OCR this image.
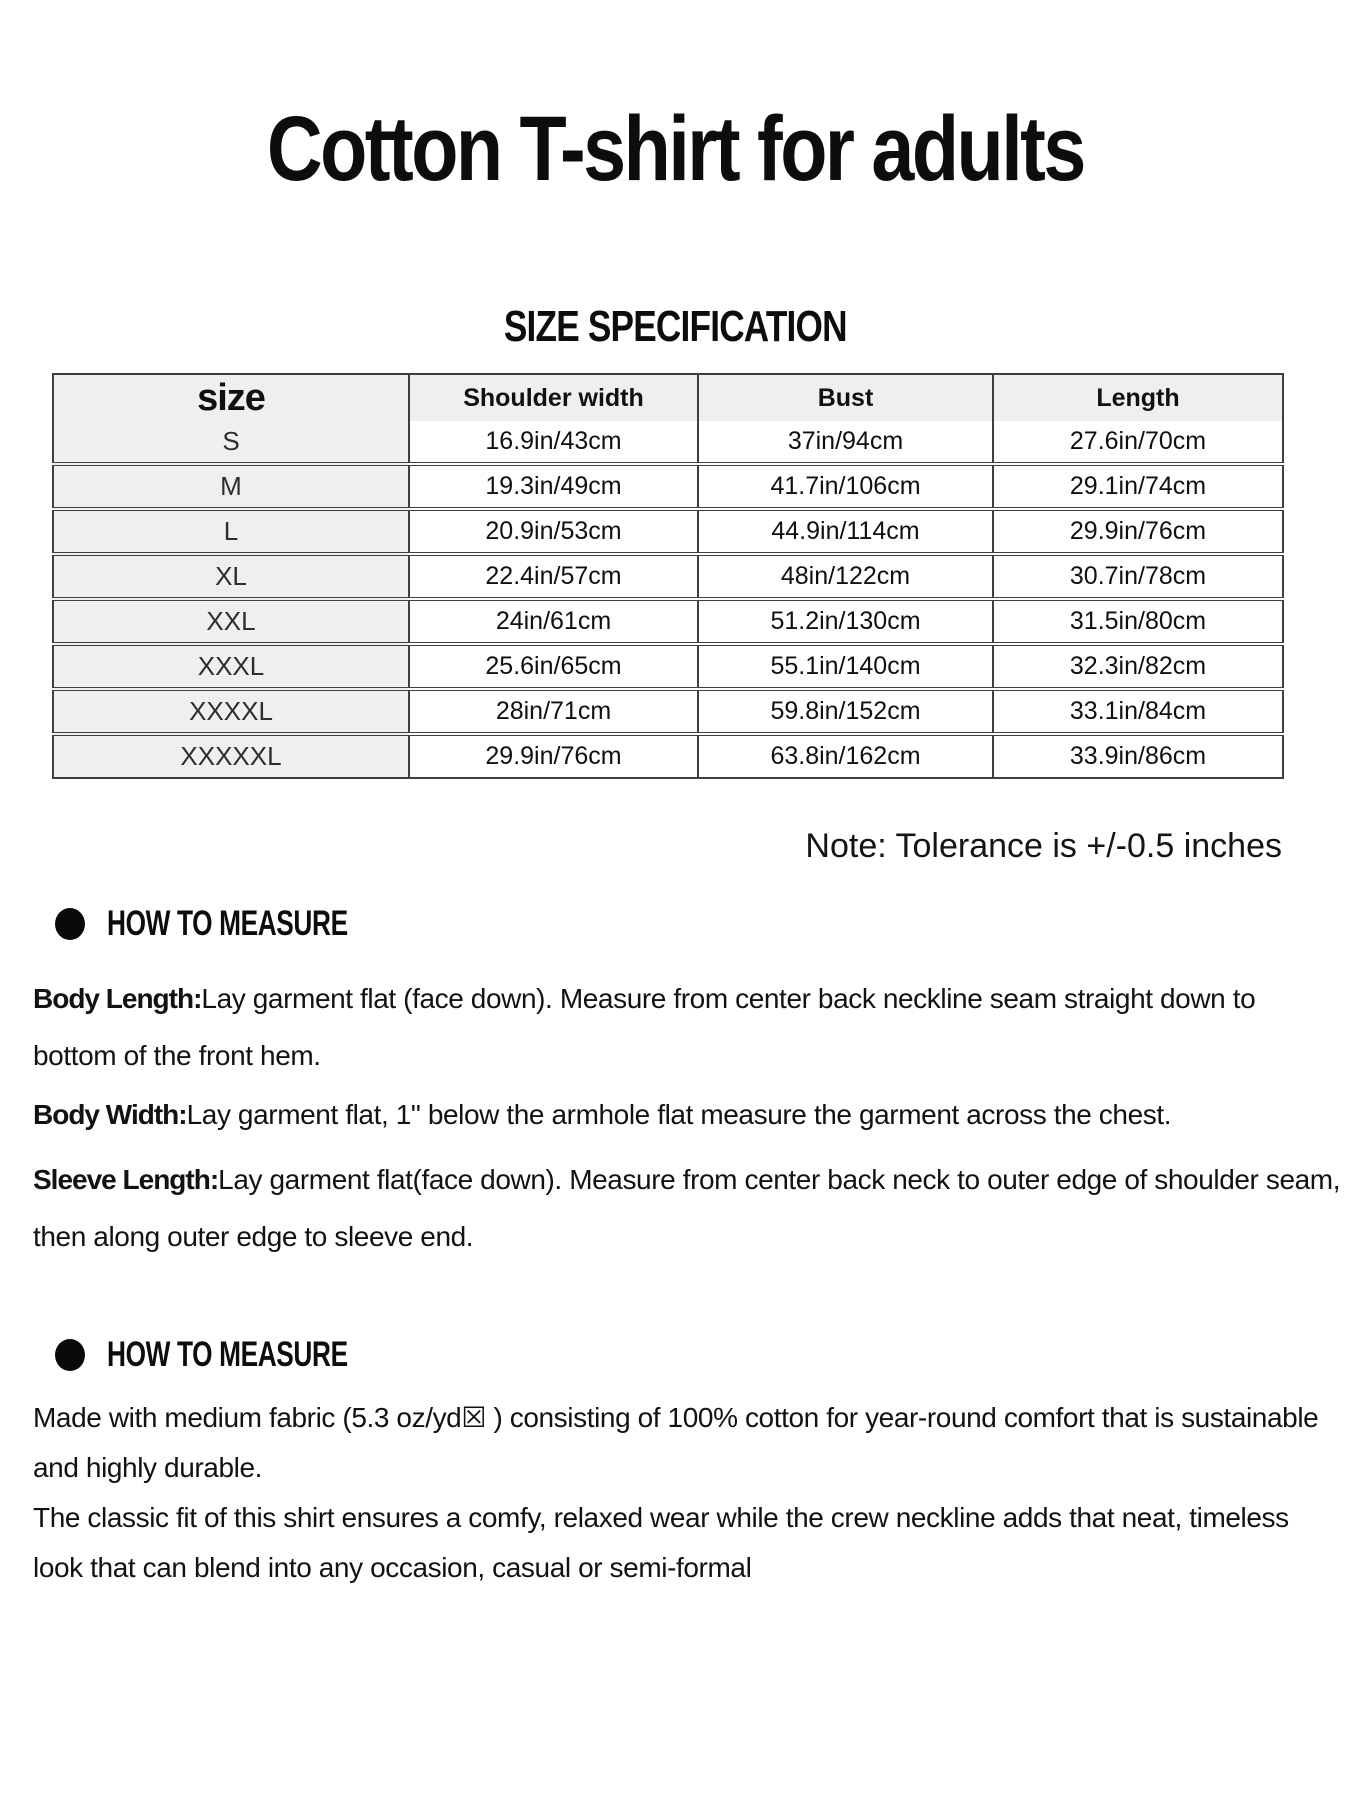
Cotton T-shirt for adults
SIZE SPECIFICATION
size	Shoulder width	Bust	Length
S	16.9in/43cm	37in/94cm	27.6in/70cm
M	19.3in/49cm	41.7in/106cm	29.1in/74cm
L	20.9in/53cm	44.9in/114cm	29.9in/76cm
XL	22.4in/57cm	48in/122cm	30.7in/78cm
XXL	24in/61cm	51.2in/130cm	31.5in/80cm
XXXL	25.6in/65cm	55.1in/140cm	32.3in/82cm
XXXXL	28in/71cm	59.8in/152cm	33.1in/84cm
XXXXXL	29.9in/76cm	63.8in/162cm	33.9in/86cm
Note: Tolerance is +/-0.5 inches
HOW TO MEASURE

Body Length:Lay garment flat (face down). Measure from center back neckline seam straight down to bottom of the front hem.

Body Width:Lay garment flat, 1" below the armhole flat measure the garment across the chest.

Sleeve Length:Lay garment flat(face down). Measure from center back neck to outer edge of shoulder seam, then along outer edge to sleeve end.

HOW TO MEASURE

Made with medium fabric (5.3 oz/yd☒ ) consisting of 100% cotton for year-round comfort that is sustainable and highly durable.

The classic fit of this shirt ensures a comfy, relaxed wear while the crew neckline adds that neat, timeless look that can blend into any occasion, casual or semi-formal
